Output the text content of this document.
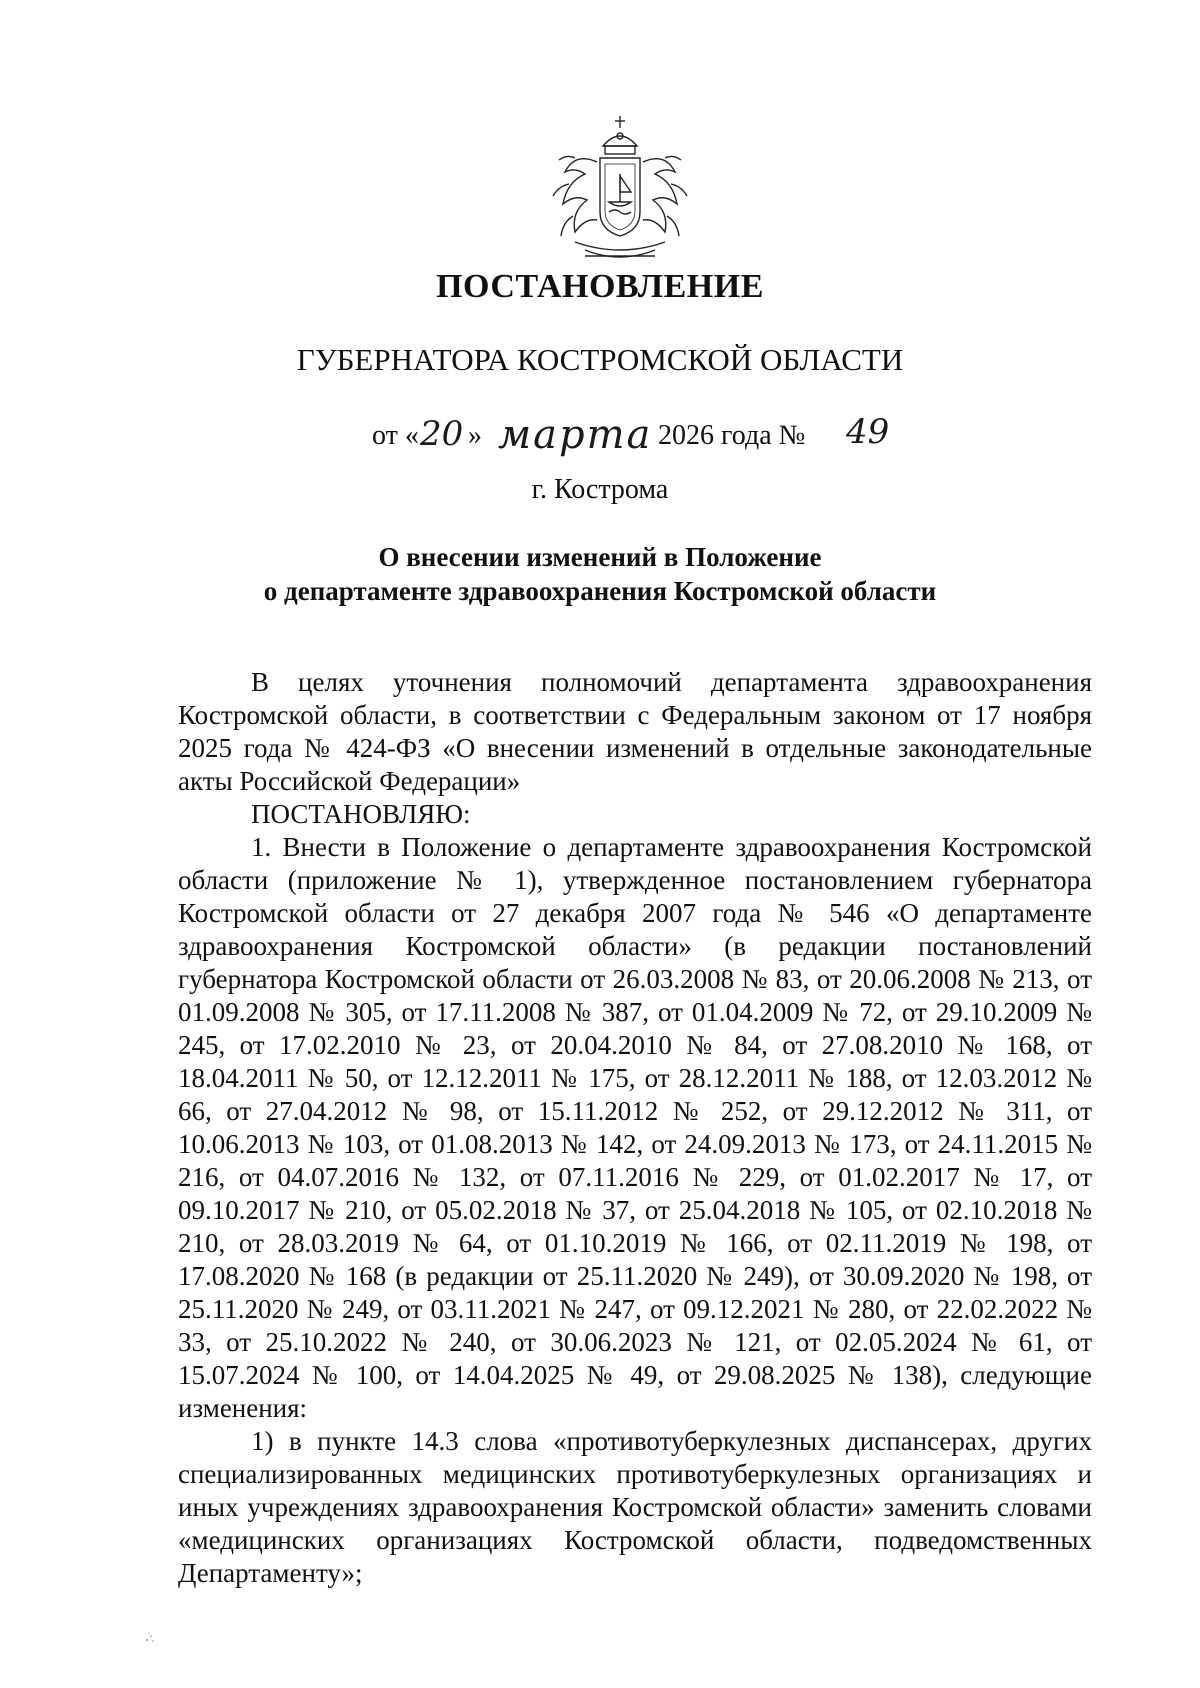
ПОСТАНОВЛЕНИЕ
ГУБЕРНАТОРА КОСТРОМСКОЙ ОБЛАСТИ
от « 20 » марта 2026 года № 49
г. Кострома
О внесении изменений в Положение
о департаменте здравоохранения Костромской области

В целях уточнения полномочий департамента здравоохранения Костромской области, в соответствии с Федеральным законом от 17 ноября 2025 года № 424-ФЗ «О внесении изменений в отдельные законодательные акты Российской Федерации»

ПОСТАНОВЛЯЮ:

1. Внести в Положение о департаменте здравоохранения Костромской области (приложение № 1), утвержденное постановлением губернатора Костромской области от 27 декабря 2007 года № 546 «О департаменте здравоохранения Костромской области» (в редакции постановлений губернатора Костромской области от 26.03.2008 № 83, от 20.06.2008 № 213, от 01.09.2008 № 305, от 17.11.2008 № 387, от 01.04.2009 № 72, от 29.10.2009 № 245, от 17.02.2010 № 23, от 20.04.2010 № 84, от 27.08.2010 № 168, от 18.04.2011 № 50, от 12.12.2011 № 175, от 28.12.2011 № 188, от 12.03.2012 № 66, от 27.04.2012 № 98, от 15.11.2012 № 252, от 29.12.2012 № 311, от 10.06.2013 № 103, от 01.08.2013 № 142, от 24.09.2013 № 173, от 24.11.2015 № 216, от 04.07.2016 № 132, от 07.11.2016 № 229, от 01.02.2017 № 17, от 09.10.2017 № 210, от 05.02.2018 № 37, от 25.04.2018 № 105, от 02.10.2018 № 210, от 28.03.2019 № 64, от 01.10.2019 № 166, от 02.11.2019 № 198, от 17.08.2020 № 168 (в редакции от 25.11.2020 № 249), от 30.09.2020 № 198, от 25.11.2020 № 249, от 03.11.2021 № 247, от 09.12.2021 № 280, от 22.02.2022 № 33, от 25.10.2022 № 240, от 30.06.2023 № 121, от 02.05.2024 № 61, от 15.07.2024 № 100, от 14.04.2025 № 49, от 29.08.2025 № 138), следующие изменения:

1) в пункте 14.3 слова «противотуберкулезных диспансерах, других специализированных медицинских противотуберкулезных организациях и иных учреждениях здравоохранения Костромской области» заменить словами «медицинских организациях Костромской области, подведомственных Департаменту»;
